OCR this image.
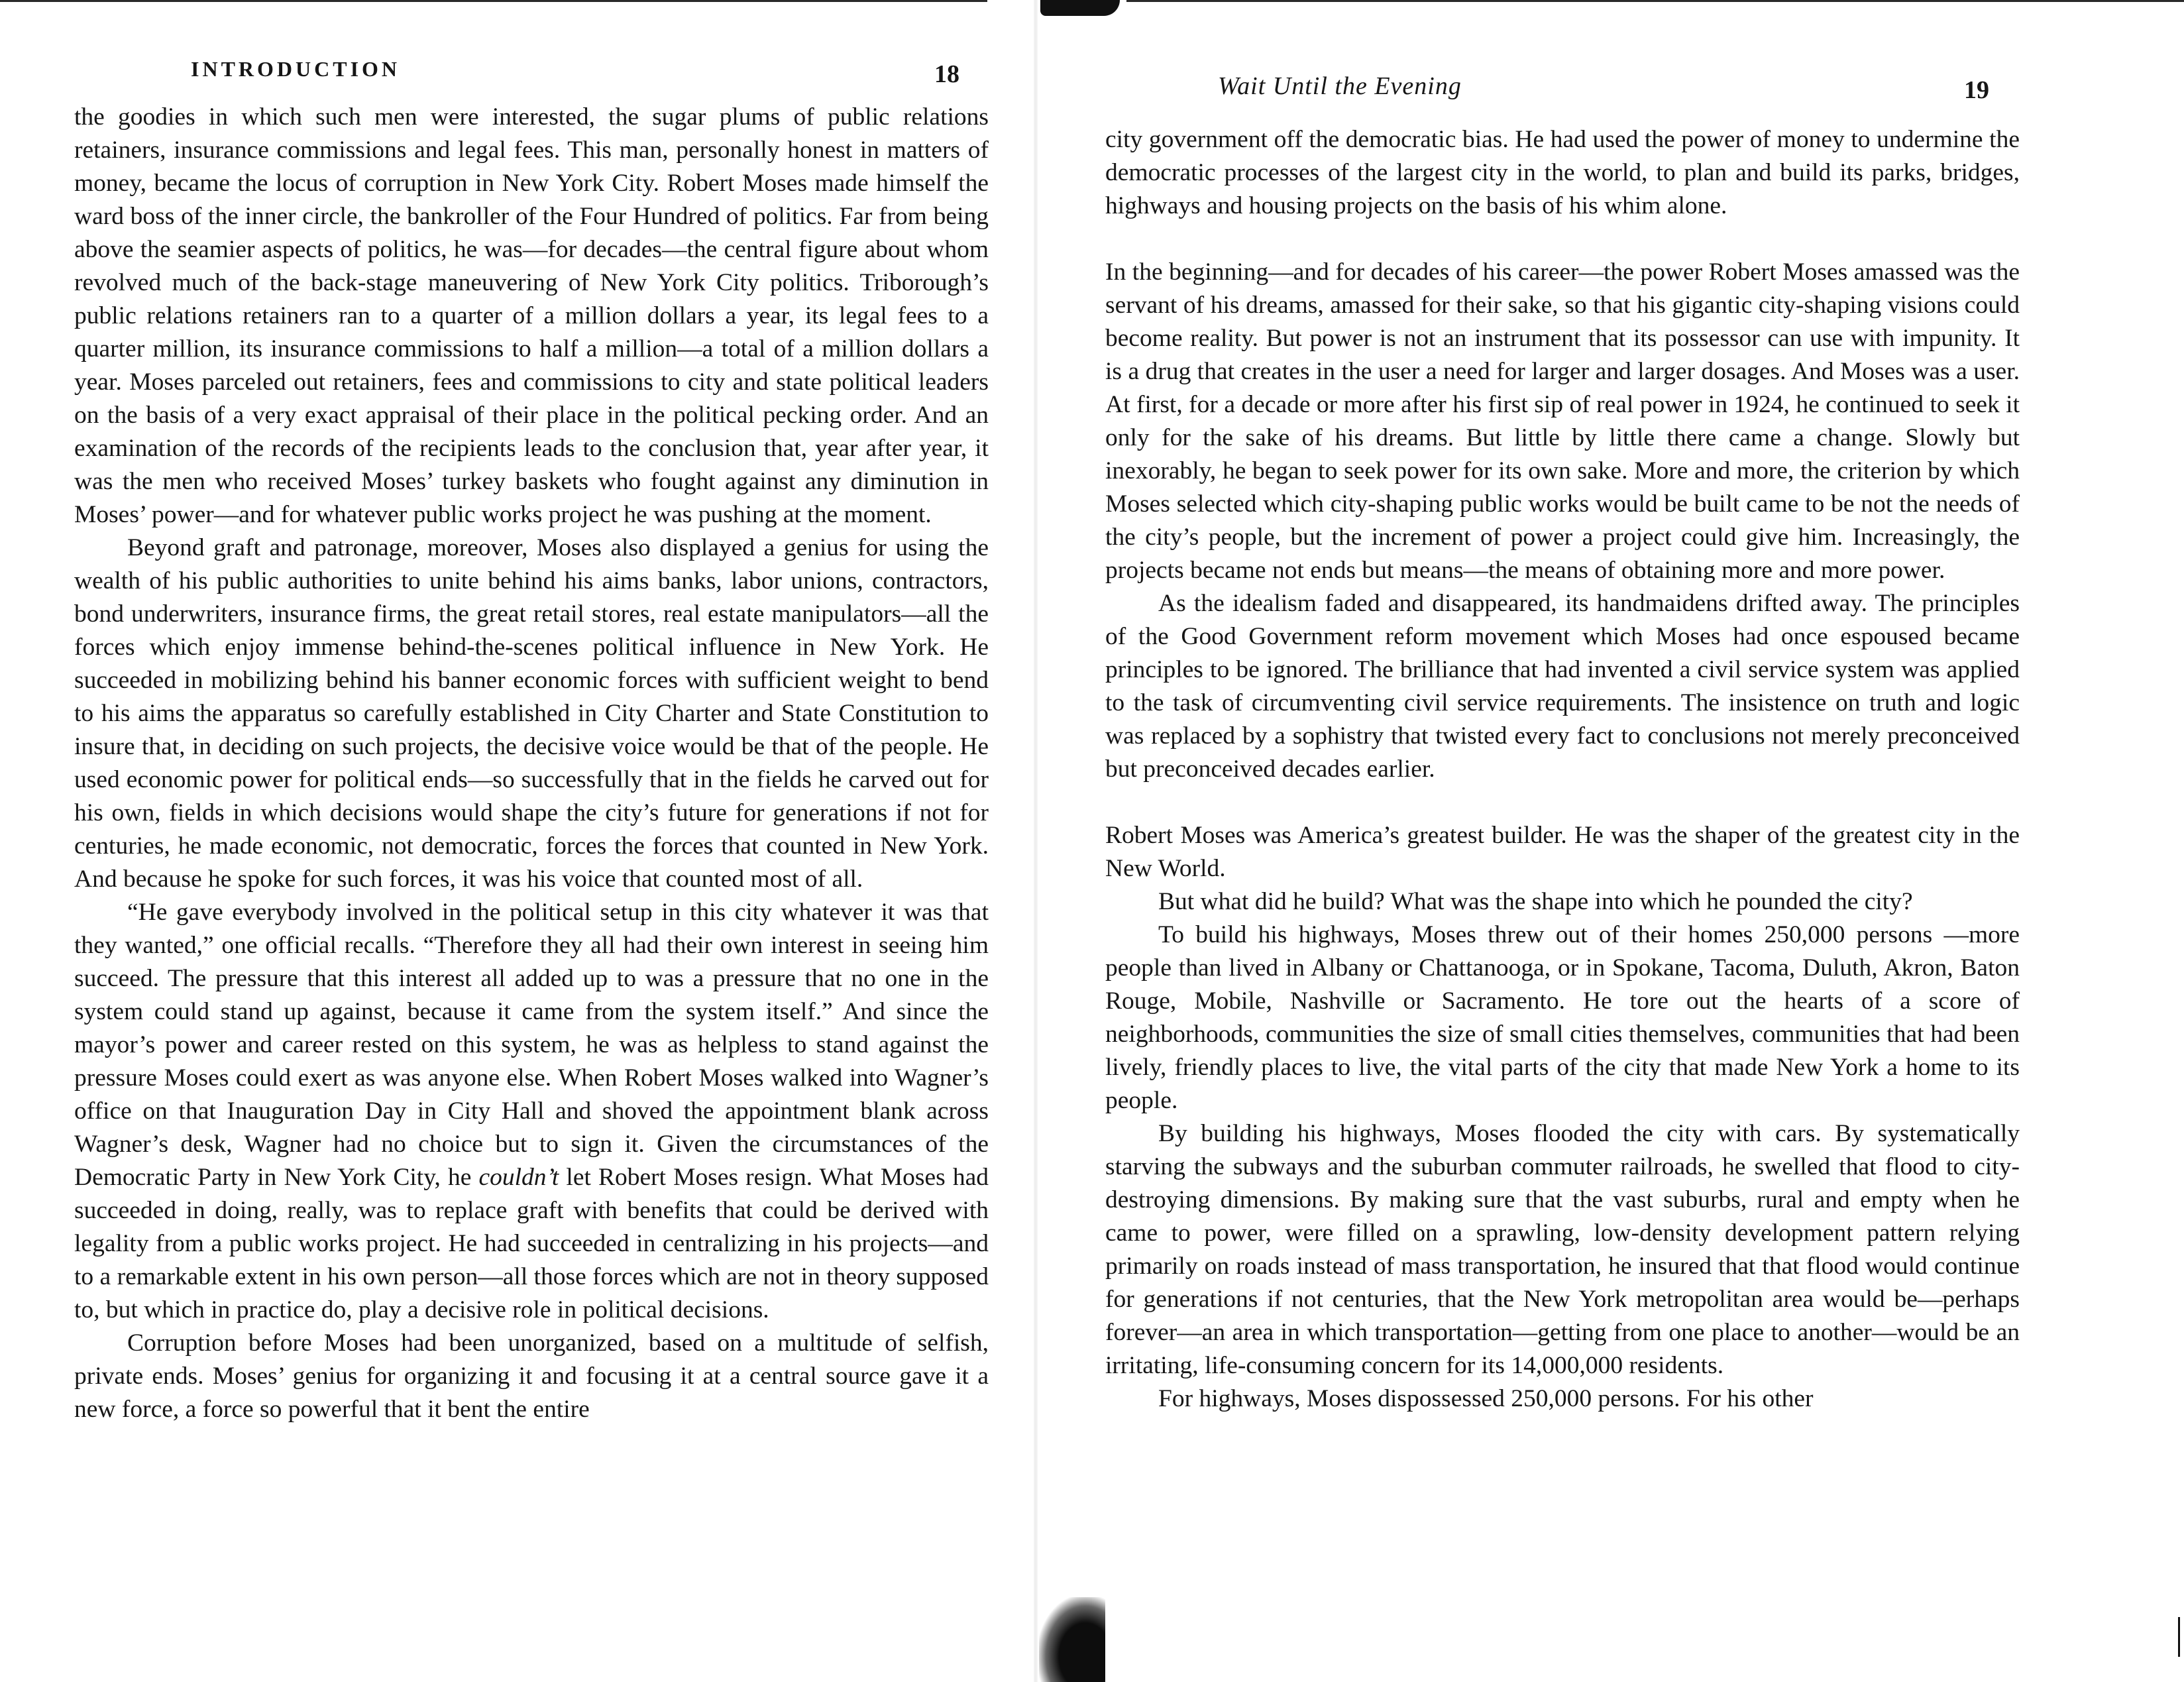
INTRODUCTION	18

the goodies in which such men were interested, the sugar plums of public relations retainers, insurance commissions and legal fees. This man, personally honest in matters of money, became the locus of corruption in New York City. Robert Moses made himself the ward boss of the inner circle, the bankroller of the Four Hundred of politics. Far from being above the seamier aspects of politics, he was—for decades—the central figure about whom revolved much of the back-stage maneuvering of New York City politics. Triborough’s public relations retainers ran to a quarter of a million dollars a year, its legal fees to a quarter million, its insurance commissions to half a million—a total of a million dollars a year. Moses parceled out retainers, fees and commissions to city and state political leaders on the basis of a very exact appraisal of their place in the political pecking order. And an examination of the records of the recipients leads to the conclusion that, year after year, it was the men who received Moses’ turkey baskets who fought against any diminution in Moses’ power—and for whatever public works project he was pushing at the moment.

Beyond graft and patronage, moreover, Moses also displayed a genius for using the wealth of his public authorities to unite behind his aims banks, labor unions, contractors, bond underwriters, insurance firms, the great retail stores, real estate manipulators—all the forces which enjoy immense behind-the-scenes political influence in New York. He succeeded in mobilizing behind his banner economic forces with sufficient weight to bend to his aims the apparatus so carefully established in City Charter and State Constitution to insure that, in deciding on such projects, the decisive voice would be that of the people. He used economic power for political ends—so successfully that in the fields he carved out for his own, fields in which decisions would shape the city’s future for generations if not for centuries, he made economic, not democratic, forces the forces that counted in New York. And because he spoke for such forces, it was his voice that counted most of all.

“He gave everybody involved in the political setup in this city whatever it was that they wanted,” one official recalls. “Therefore they all had their own interest in seeing him succeed. The pressure that this interest all added up to was a pressure that no one in the system could stand up against, because it came from the system itself.” And since the mayor’s power and career rested on this system, he was as helpless to stand against the pressure Moses could exert as was anyone else. When Robert Moses walked into Wagner’s office on that Inauguration Day in City Hall and shoved the appointment blank across Wagner’s desk, Wagner had no choice but to sign it. Given the circumstances of the Democratic Party in New York City, he couldn’t let Robert Moses resign. What Moses had succeeded in doing, really, was to replace graft with benefits that could be derived with legality from a public works project. He had succeeded in centralizing in his projects—and to a remarkable extent in his own person—all those forces which are not in theory supposed to, but which in practice do, play a decisive role in political decisions.

Corruption before Moses had been unorganized, based on a multitude of selfish, private ends. Moses’ genius for organizing it and focusing it at a central source gave it a new force, a force so powerful that it bent the entire

Wait Until the Evening	19

city government off the democratic bias. He had used the power of money to undermine the democratic processes of the largest city in the world, to plan and build its parks, bridges, highways and housing projects on the basis of his whim alone.

In the beginning—and for decades of his career—the power Robert Moses amassed was the servant of his dreams, amassed for their sake, so that his gigantic city-shaping visions could become reality. But power is not an instrument that its possessor can use with impunity. It is a drug that creates in the user a need for larger and larger dosages. And Moses was a user. At first, for a decade or more after his first sip of real power in 1924, he continued to seek it only for the sake of his dreams. But little by little there came a change. Slowly but inexorably, he began to seek power for its own sake. More and more, the criterion by which Moses selected which city-shaping public works would be built came to be not the needs of the city’s people, but the increment of power a project could give him. Increasingly, the projects became not ends but means—the means of obtaining more and more power.

As the idealism faded and disappeared, its handmaidens drifted away. The principles of the Good Government reform movement which Moses had once espoused became principles to be ignored. The brilliance that had invented a civil service system was applied to the task of circumventing civil service requirements. The insistence on truth and logic was replaced by a sophistry that twisted every fact to conclusions not merely preconceived but preconceived decades earlier.

Robert Moses was America’s greatest builder. He was the shaper of the greatest city in the New World.

But what did he build? What was the shape into which he pounded the city?

To build his highways, Moses threw out of their homes 250,000 persons —more people than lived in Albany or Chattanooga, or in Spokane, Tacoma, Duluth, Akron, Baton Rouge, Mobile, Nashville or Sacramento. He tore out the hearts of a score of neighborhoods, communities the size of small cities themselves, communities that had been lively, friendly places to live, the vital parts of the city that made New York a home to its people.

By building his highways, Moses flooded the city with cars. By systematically starving the subways and the suburban commuter railroads, he swelled that flood to city-destroying dimensions. By making sure that the vast suburbs, rural and empty when he came to power, were filled on a sprawling, low-density development pattern relying primarily on roads instead of mass transportation, he insured that that flood would continue for generations if not centuries, that the New York metropolitan area would be—perhaps forever—an area in which transportation—getting from one place to another—would be an irritating, life-consuming concern for its 14,000,000 residents.

For highways, Moses dispossessed 250,000 persons. For his other
